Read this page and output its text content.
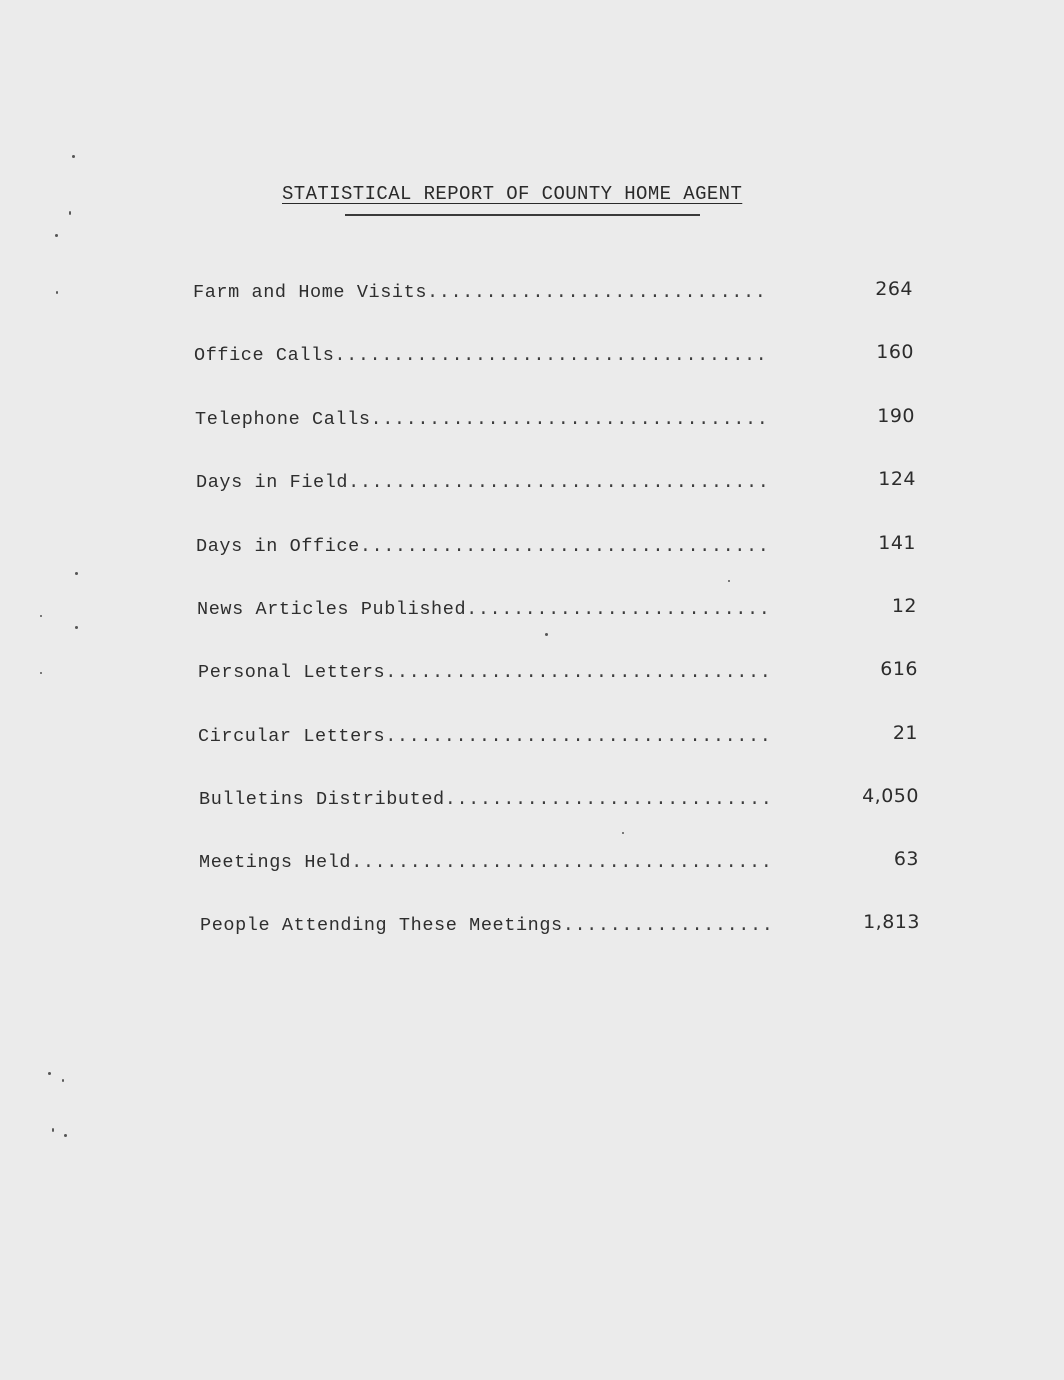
STATISTICAL REPORT OF COUNTY HOME AGENT
Farm and Home Visits.............................	264
Office Calls.....................................	160
Telephone Calls..................................	190
Days in Field....................................	124
Days in Office...................................	141
News Articles Published..........................	12
Personal Letters.................................	616
Circular Letters.................................	21
Bulletins Distributed............................	4,050
Meetings Held....................................	63
People Attending These Meetings..................	1,813
